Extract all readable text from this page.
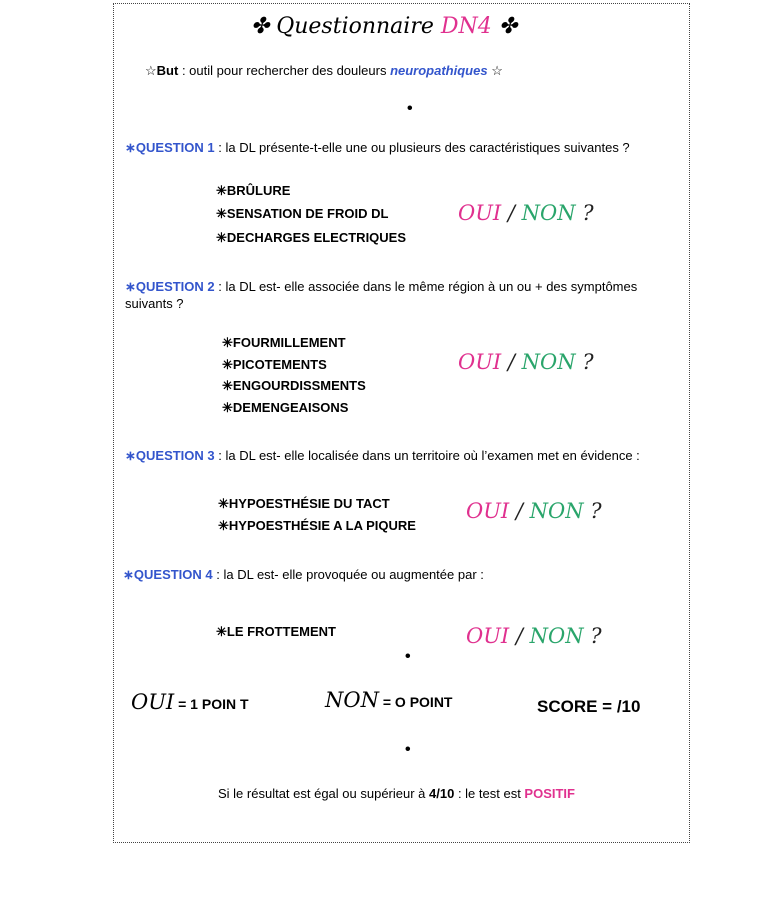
✤ Questionnaire DN4 ✤
☆But : outil pour rechercher des douleurs neuropathiques ☆
•
∗QUESTION 1 : la DL présente-t-elle une ou plusieurs des caractéristiques suivantes ?
✳BRÛLURE
✳SENSATION DE FROID DL
✳DECHARGES ELECTRIQUES
OUI / NON ?
∗QUESTION 2 : la DL est- elle associée dans le même région à un ou + des symptômes
suivants ?
✳FOURMILLEMENT
✳PICOTEMENTS
✳ENGOURDISSMENTS
✳DEMENGEAISONS
OUI / NON ?
∗QUESTION 3 : la DL est- elle localisée dans un territoire où l’examen met en évidence :
✳HYPOESTHÉSIE DU TACT
✳HYPOESTHÉSIE A LA PIQURE
OUI / NON ?
∗QUESTION 4 : la DL est- elle provoquée ou augmentée par :
✳LE FROTTEMENT	OUI / NON ?
•
OUI = 1 POIN T	NON = O POINT	SCORE = /10
•
Si le résultat est égal ou supérieur à 4/10 : le test est POSITIF
